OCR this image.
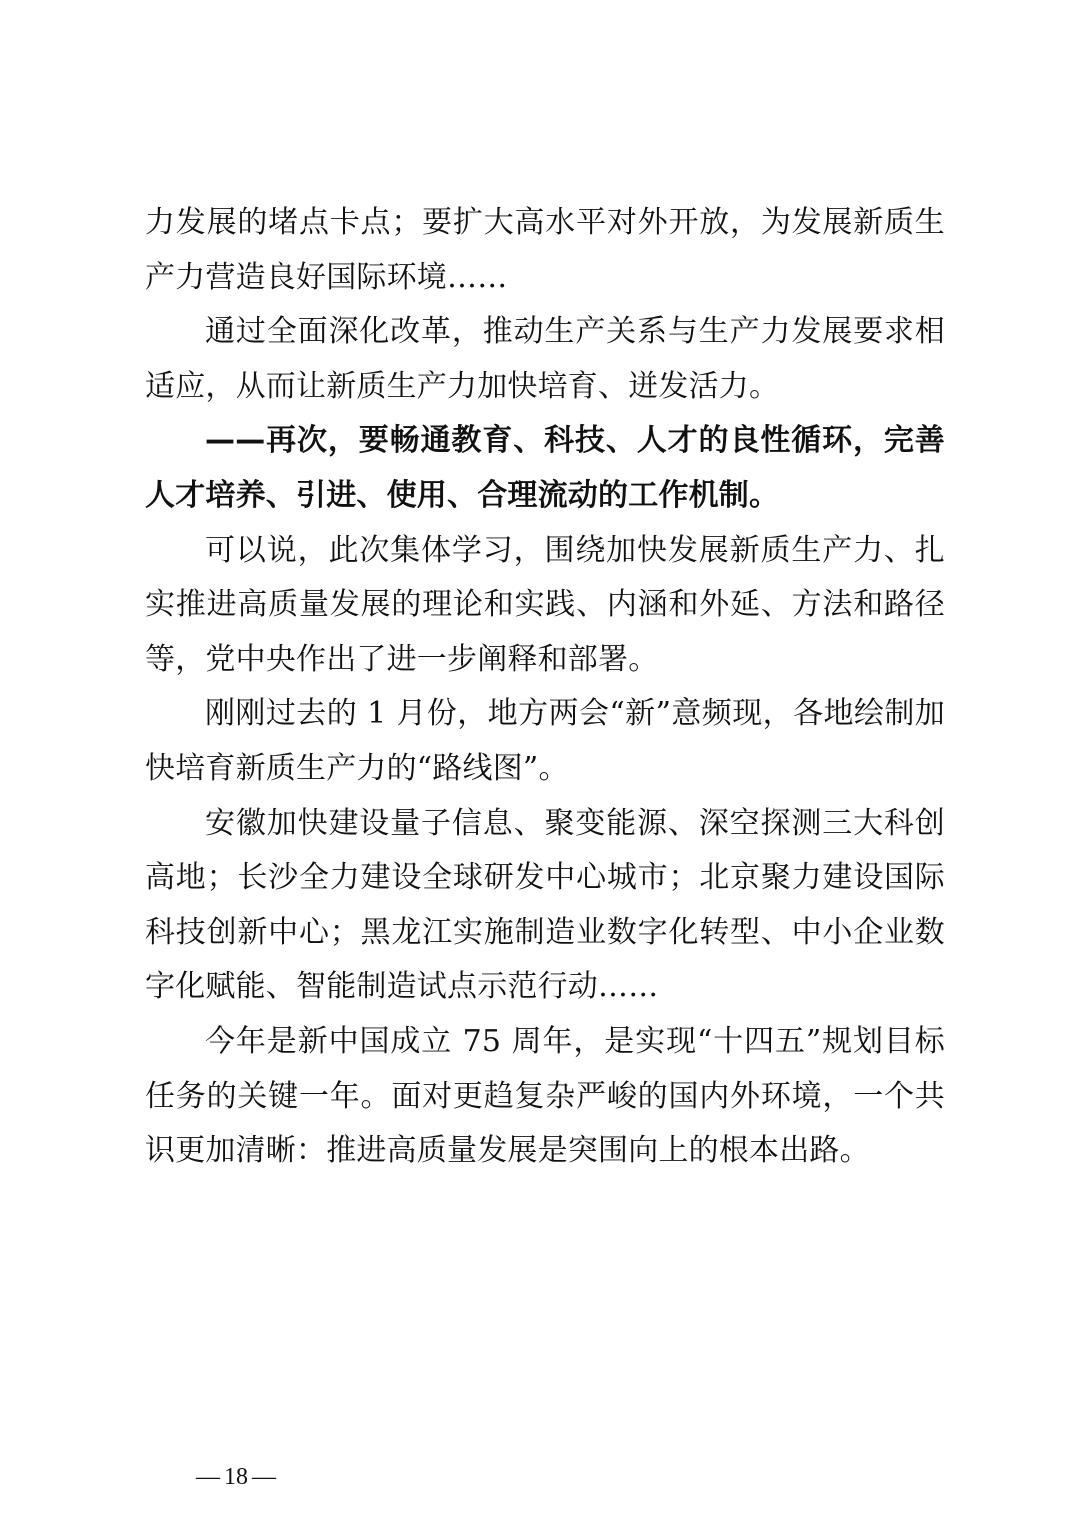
力发展的堵点卡点；要扩大高水平对外开放，为发展新质生产力营造良好国际环境……

通过全面深化改革，推动生产关系与生产力发展要求相适应，从而让新质生产力加快培育、迸发活力。

——再次，要畅通教育、科技、人才的良性循环，完善人才培养、引进、使用、合理流动的工作机制。

可以说，此次集体学习，围绕加快发展新质生产力、扎实推进高质量发展的理论和实践、内涵和外延、方法和路径等，党中央作出了进一步阐释和部署。

刚刚过去的 1 月份，地方两会“新”意频现，各地绘制加快培育新质生产力的“路线图”。

安徽加快建设量子信息、聚变能源、深空探测三大科创高地；长沙全力建设全球研发中心城市；北京聚力建设国际科技创新中心；黑龙江实施制造业数字化转型、中小企业数字化赋能、智能制造试点示范行动……

今年是新中国成立 75 周年，是实现“十四五”规划目标任务的关键一年。面对更趋复杂严峻的国内外环境，一个共识更加清晰：推进高质量发展是突围向上的根本出路。

— 18 —
